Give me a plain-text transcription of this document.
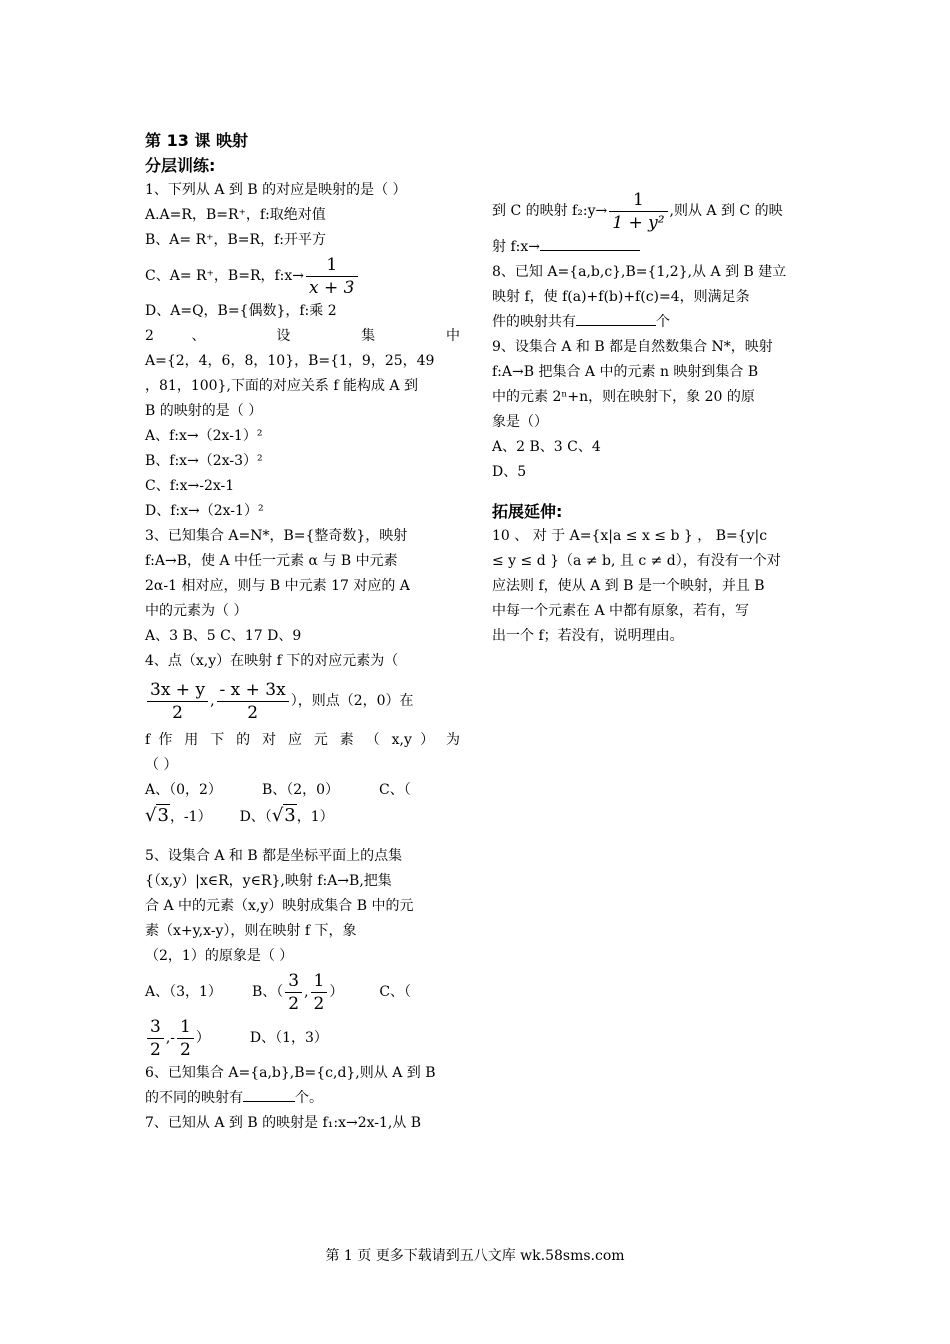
第 13 课 映射
分层训练:
1、下列从 A 到 B 的对应是映射的是（ ）
A.A=R，B=R⁺，f:取绝对值
B、A= R⁺，B=R，f:开平方
C、A= R⁺，B=R，f:x→ $\frac{1}{x + 3}$
D、A=Q，B={偶数}，f:乘 2
2 、 设 集 中
A={2，4，6，8，10}，B={1，9，25，49
，81，100},下面的对应关系 f 能构成 A 到
B 的映射的是（ ）
A、f:x→（2x-1）²
B、f:x→（2x-3）²
C、f:x→-2x-1
D、f:x→（2x-1）²
3、已知集合 A=N*，B={整奇数}，映射
f:A→B，使 A 中任一元素 α 与 B 中元素
2α-1 相对应，则与 B 中元素 17 对应的 A
中的元素为（ ）
A、3 B、5 C、17 D、9
4、点（x,y）在映射 f 下的对应元素为（
$\frac{3x + y}{2}$ , $\frac{- x + 3x}{2}$ ），则点（2，0）在
f 作 用 下 的 对 应 元 素 （ x,y ） 为
（ ）
A、（0，2）	B、（2，0）	C、（
√3，-1） D、（√3，1）
5、设集合 A 和 B 都是坐标平面上的点集
{（x,y）|x∈R，y∈R},映射 f:A→B,把集
合 A 中的元素（x,y）映射成集合 B 中的元
素（x+y,x-y），则在映射 f 下，象
（2，1）的原象是（ ）
A、（3，1） B、（ $\frac{3}{2}$ , $\frac{1}{2}$ ）	C、（
$\frac{3}{2}$ ,- $\frac{1}{2}$ ）	D、（1，3）
6、已知集合 A={a,b},B={c,d},则从 A 到 B
的不同的映射有	个。
7、已知从 A 到 B 的映射是 f₁:x→2x-1,从 B
到 C 的映射 f₂:y→ $\frac{1}{\text{1 + y²}}$ ,则从 A 到 C 的映
射 f:x→
8、已知 A={a,b,c},B={1,2},从 A 到 B 建立
映射 f，使 f(a)+f(b)+f(c)=4，则满足条
件的映射共有	个
9、设集合 A 和 B 都是自然数集合 N*，映射
f:A→B 把集合 A 中的元素 n 映射到集合 B
中的元素 2ⁿ+n，则在映射下，象 20 的原
象是（）
A、2 B、3 C、4
D、5
拓展延伸:
10 、 对 于 A={x|a ≤ x ≤ b } ， B={y|c
≤ y ≤ d }（a ≠ b, 且 c ≠ d），有没有一个对
应法则 f，使从 A 到 B 是一个映射，并且 B
中每一个元素在 A 中都有原象，若有，写
出一个 f；若没有，说明理由。
第 1 页 更多下载请到五八文库 wk.58sms.com
